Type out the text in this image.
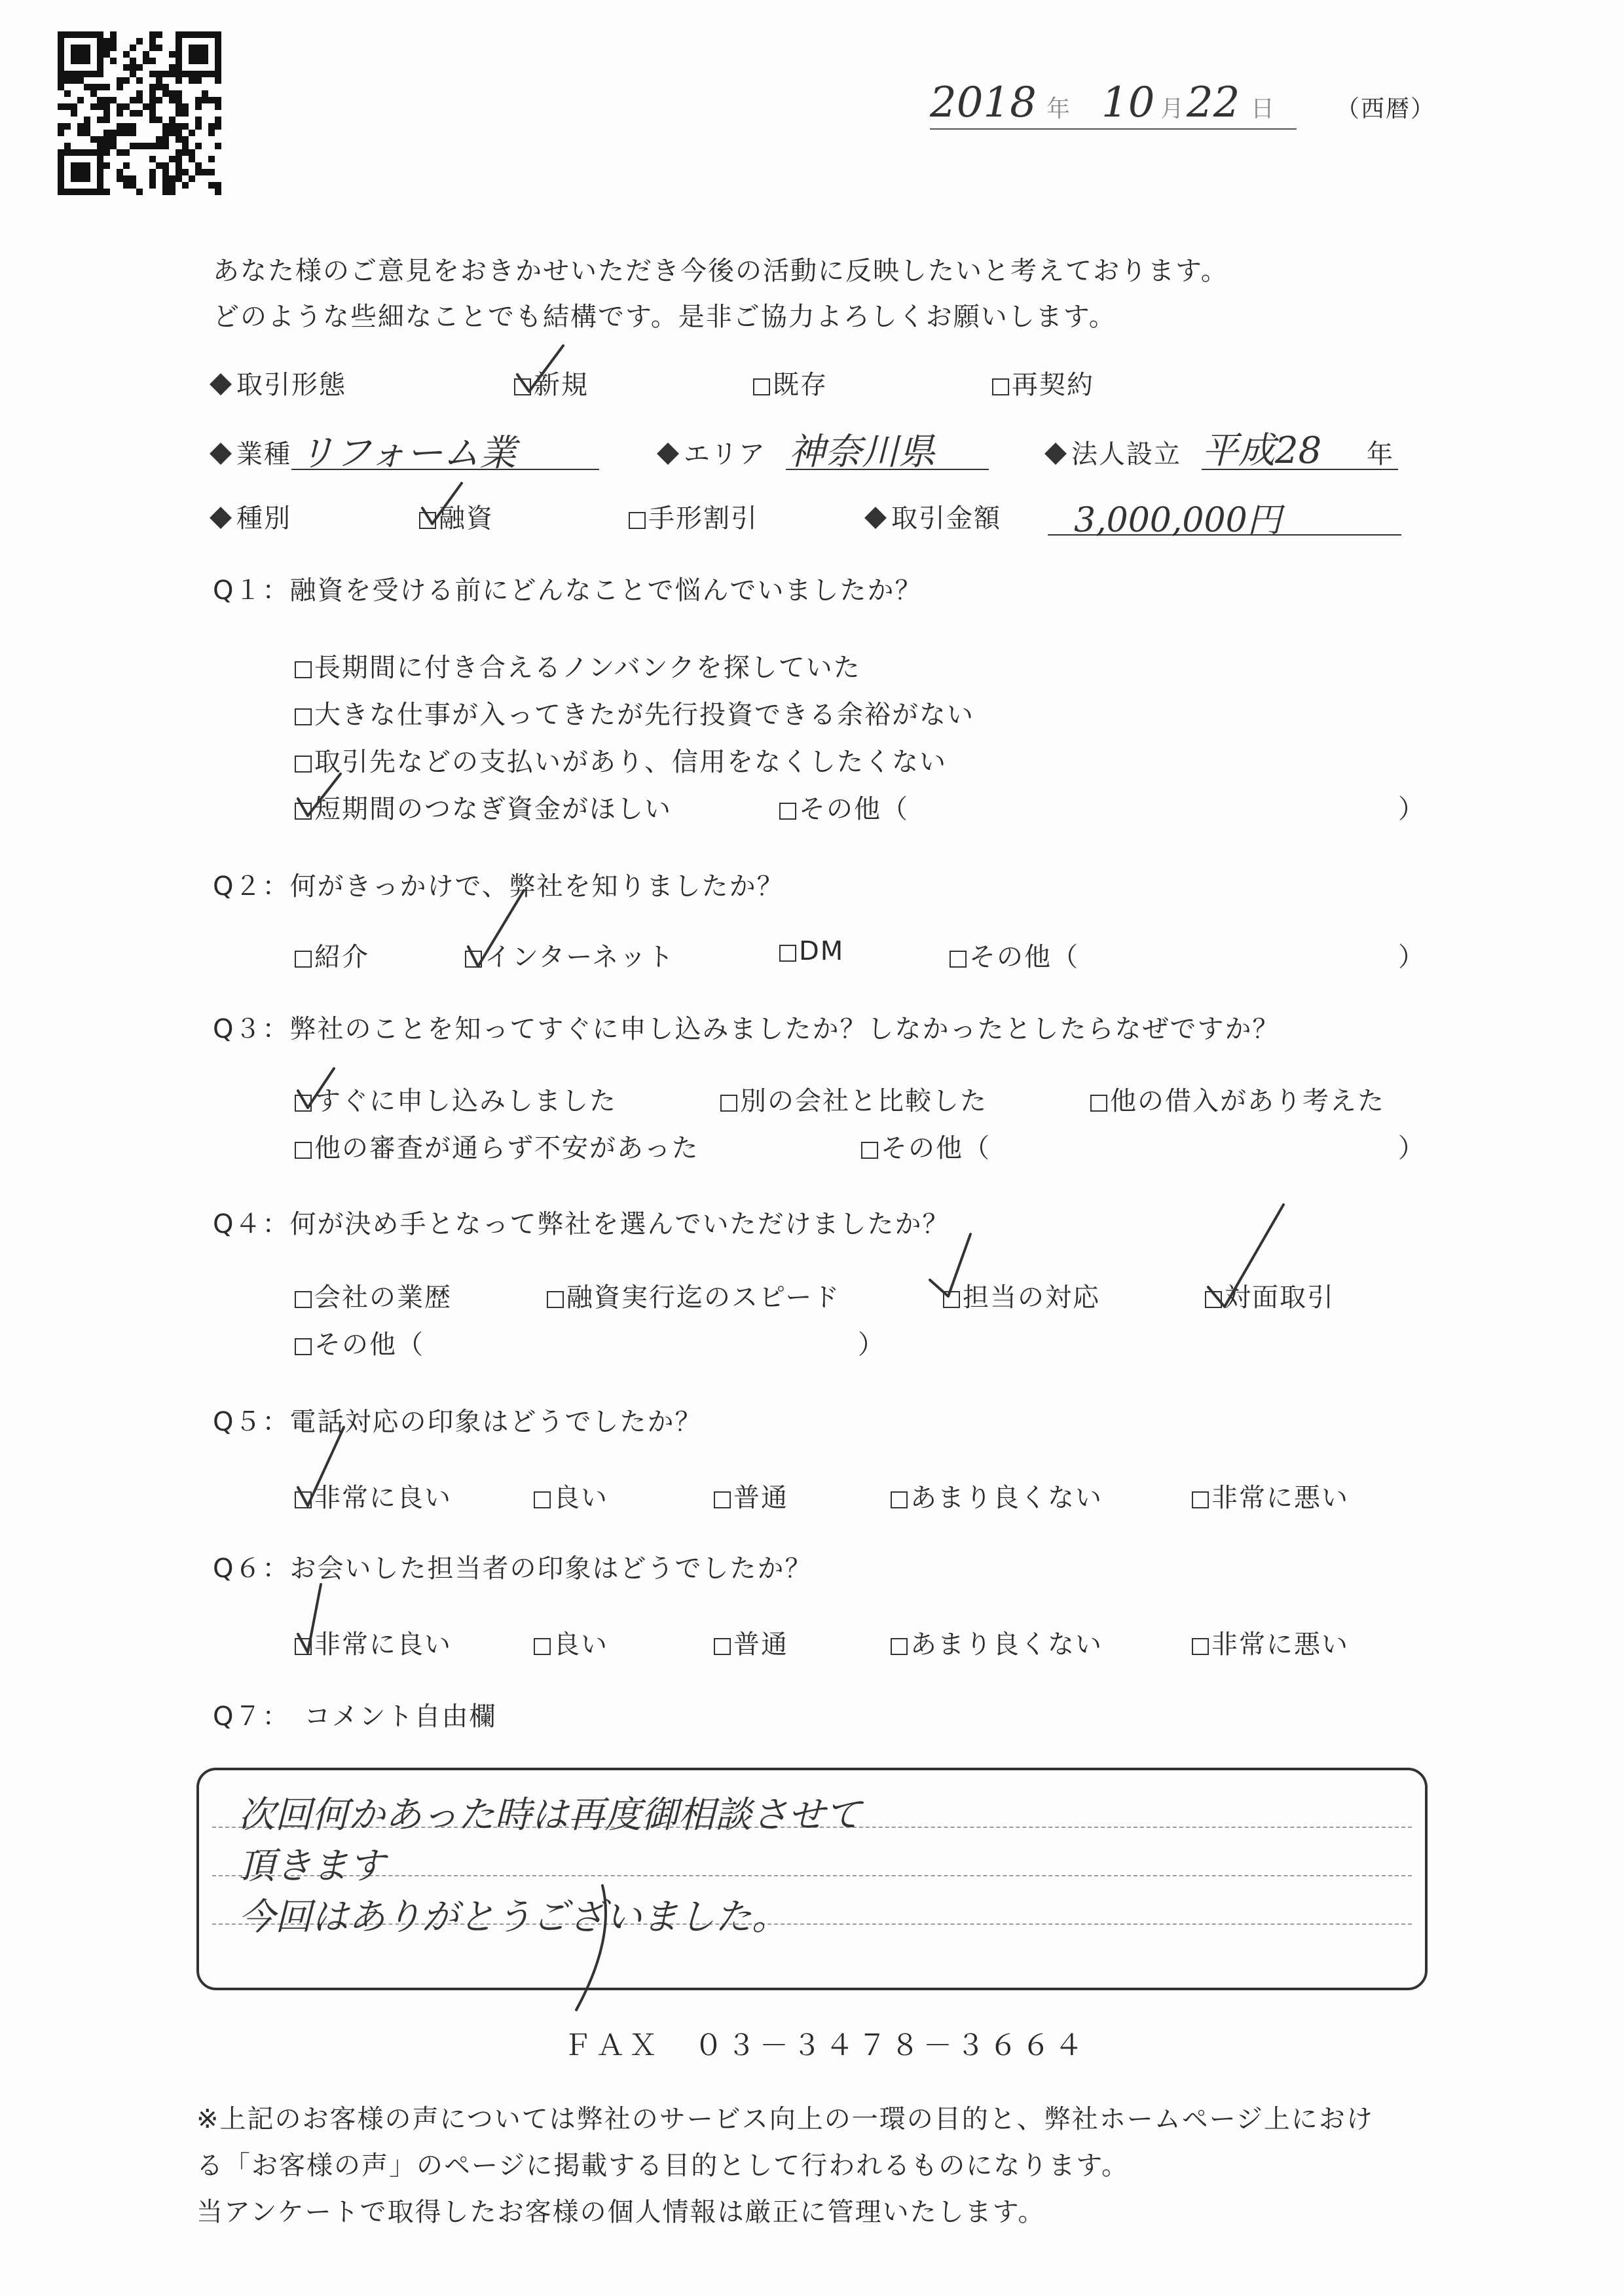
2018 年 10 月 22 日	（西暦）
あなた様のご意見をおきかせいただき今後の活動に反映したいと考えております。
どのような些細なことでも結構です。是非ご協力よろしくお願いします。
取引形態	新規	既存	再契約
業種 リフォーム業	エリア 神奈川県	法人設立 平成28 年
種別	融資	手形割引	取引金額 3,000,000円
Q１：融資を受ける前にどんなことで悩んでいましたか？
長期間に付き合えるノンバンクを探していた
大きな仕事が入ってきたが先行投資できる余裕がない
取引先などの支払いがあり、信用をなくしたくない
短期間のつなぎ資金がほしい	その他（	）
Q２：何がきっかけで、弊社を知りましたか？
紹介	インターネット	DM	その他（	）
Q３：弊社のことを知ってすぐに申し込みましたか？しなかったとしたらなぜですか？
すぐに申し込みしました	別の会社と比較した	他の借入があり考えた
他の審査が通らず不安があった	その他（	）
Q４：何が決め手となって弊社を選んでいただけましたか？
会社の業歴	融資実行迄のスピード	担当の対応	対面取引
その他（	）
Q５：電話対応の印象はどうでしたか？
非常に良い	良い	普通	あまり良くない	非常に悪い
Q６：お会いした担当者の印象はどうでしたか？
非常に良い	良い	普通	あまり良くない	非常に悪い
Q７：　コメント自由欄
次回何かあった時は再度御相談させて
頂きます
今回はありがとうございました。
ＦＡＸ　０３－３４７８－３６６４
※上記のお客様の声については弊社のサービス向上の一環の目的と、弊社ホームページ上におけ
る「お客様の声」のページに掲載する目的として行われるものになります。
当アンケートで取得したお客様の個人情報は厳正に管理いたします。
